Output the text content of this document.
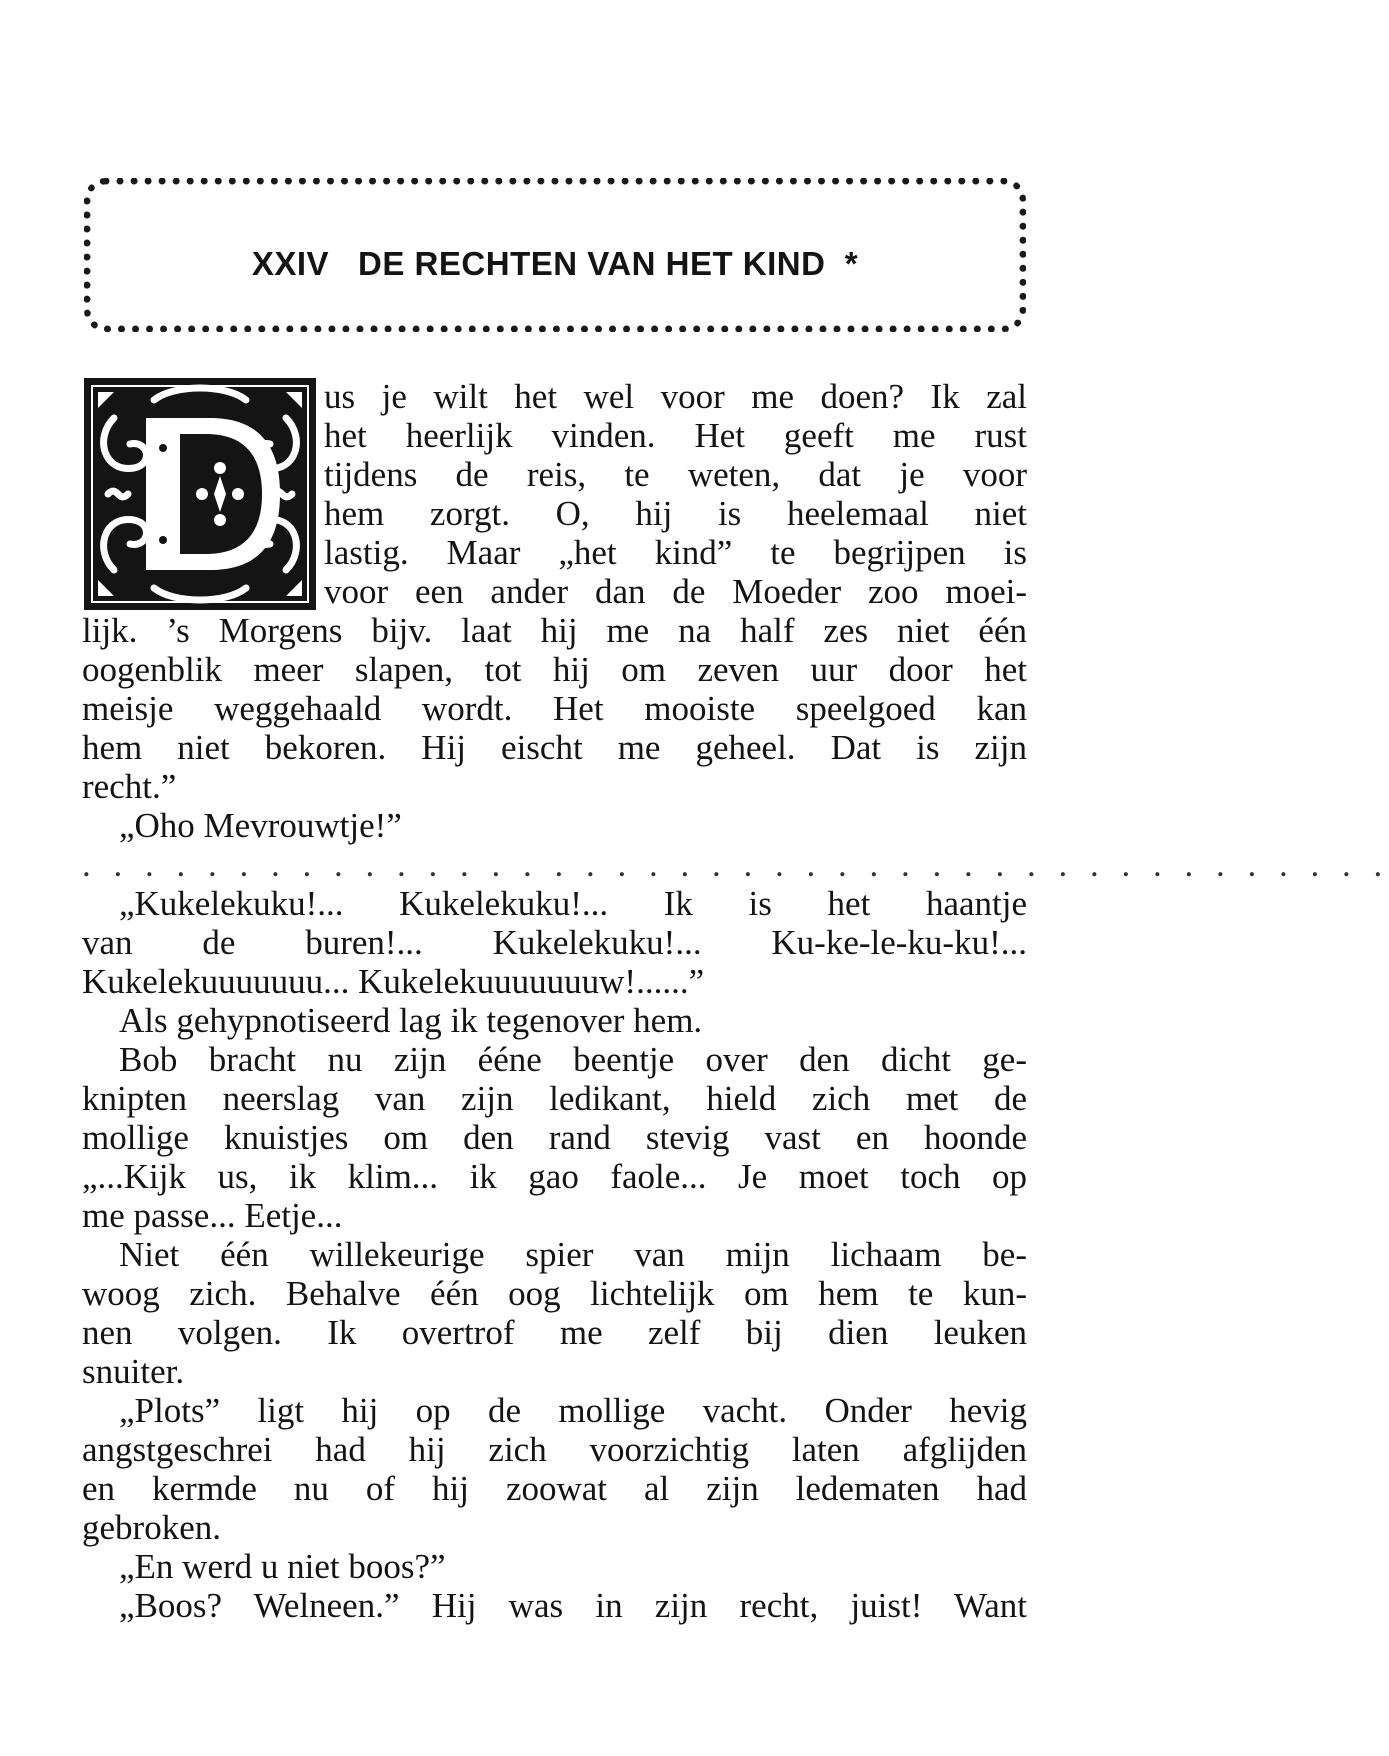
XXIV   DE RECHTEN VAN HET KIND  *
us je wilt het wel voor me doen? Ik zal
het heerlijk vinden. Het geeft me rust
tijdens de reis, te weten, dat je voor
hem zorgt. O, hij is heelemaal niet
lastig. Maar „het kind” te begrijpen is
voor een ander dan de Moeder zoo moei-
lijk. ’s Morgens bijv. laat hij me na half zes niet één
oogenblik meer slapen, tot hij om zeven uur door het
meisje weggehaald wordt. Het mooiste speelgoed kan
hem niet bekoren. Hij eischt me geheel. Dat is zijn
recht.”
„Oho Mevrouwtje!”
. . . . . . . . . . . . . . . . . . . . . . . . . . . . . . . . . . . . . . . . . .
„Kukelekuku!... Kukelekuku!... Ik is het haantje
van de buren!... Kukelekuku!... Ku-ke-le-ku-ku!...
Kukelekuuuuuuu... Kukelekuuuuuuuw!......”
Als gehypnotiseerd lag ik tegenover hem.
Bob bracht nu zijn ééne beentje over den dicht ge-
knipten neerslag van zijn ledikant, hield zich met de
mollige knuistjes om den rand stevig vast en hoonde
„...Kijk us, ik klim... ik gao faole... Je moet toch op
me passe... Eetje...
Niet één willekeurige spier van mijn lichaam be-
woog zich. Behalve één oog lichtelijk om hem te kun-
nen volgen. Ik overtrof me zelf bij dien leuken
snuiter.
„Plots” ligt hij op de mollige vacht. Onder hevig
angstgeschrei had hij zich voorzichtig laten afglijden
en kermde nu of hij zoowat al zijn ledematen had
gebroken.
„En werd u niet boos?”
„Boos? Welneen.” Hij was in zijn recht, juist! Want
